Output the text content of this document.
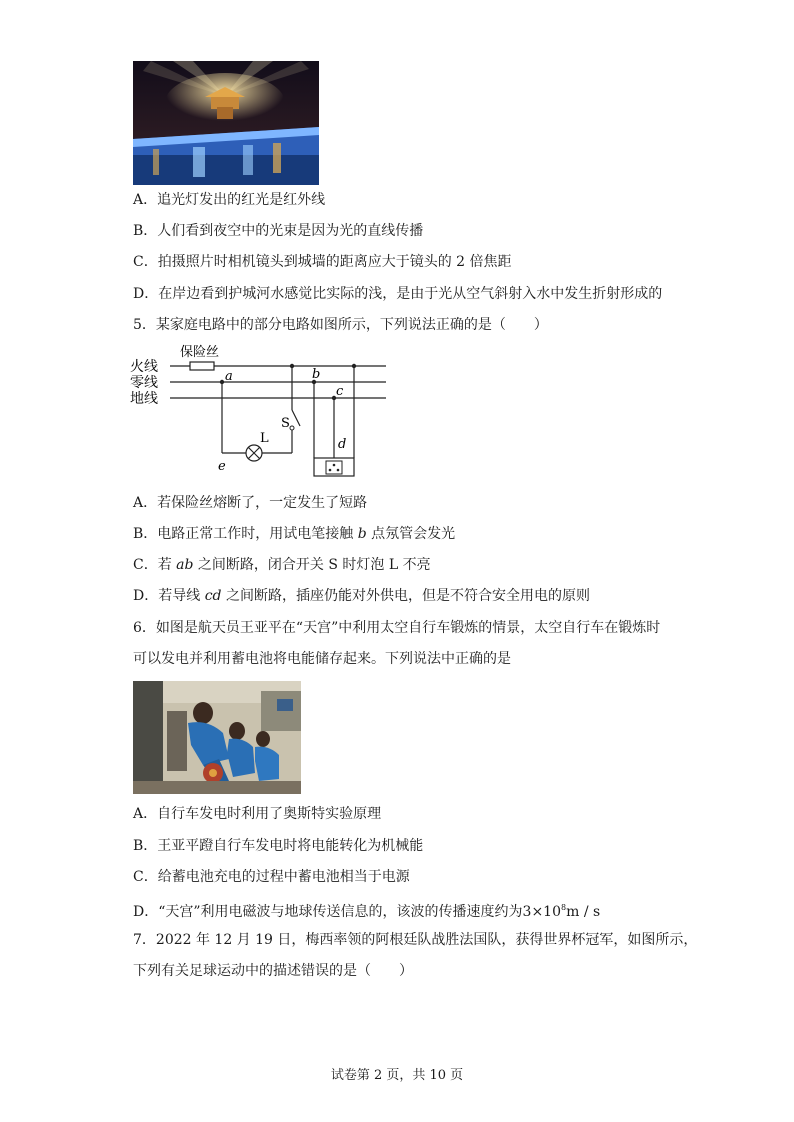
A．追光灯发出的红光是红外线
B．人们看到夜空中的光束是因为光的直线传播
C．拍摄照片时相机镜头到城墙的距离应大于镜头的 2 倍焦距
D．在岸边看到护城河水感觉比实际的浅，是由于光从空气斜射入水中发生折射形成的
5．某家庭电路中的部分电路如图所示，下列说法正确的是（　　）
保险丝
火线
零线
地线
S
L
a
e
b
c
d
A．若保险丝熔断了，一定发生了短路
B．电路正常工作时，用试电笔接触 b 点氖管会发光
C．若 ab 之间断路，闭合开关 S 时灯泡 L 不亮
D．若导线 cd 之间断路，插座仍能对外供电，但是不符合安全用电的原则
6．如图是航天员王亚平在“天宫”中利用太空自行车锻炼的情景，太空自行车在锻炼时
可以发电并利用蓄电池将电能储存起来。下列说法中正确的是
A．自行车发电时利用了奥斯特实验原理
B．王亚平蹬自行车发电时将电能转化为机械能
C．给蓄电池充电的过程中蓄电池相当于电源
D．“天宫”利用电磁波与地球传送信息的，该波的传播速度约为$3\times 10^8m / s$
7．2022 年 12 月 19 日，梅西率领的阿根廷队战胜法国队，获得世界杯冠军，如图所示，
下列有关足球运动中的描述错误的是（　　）
试卷第 2 页，共 10 页
